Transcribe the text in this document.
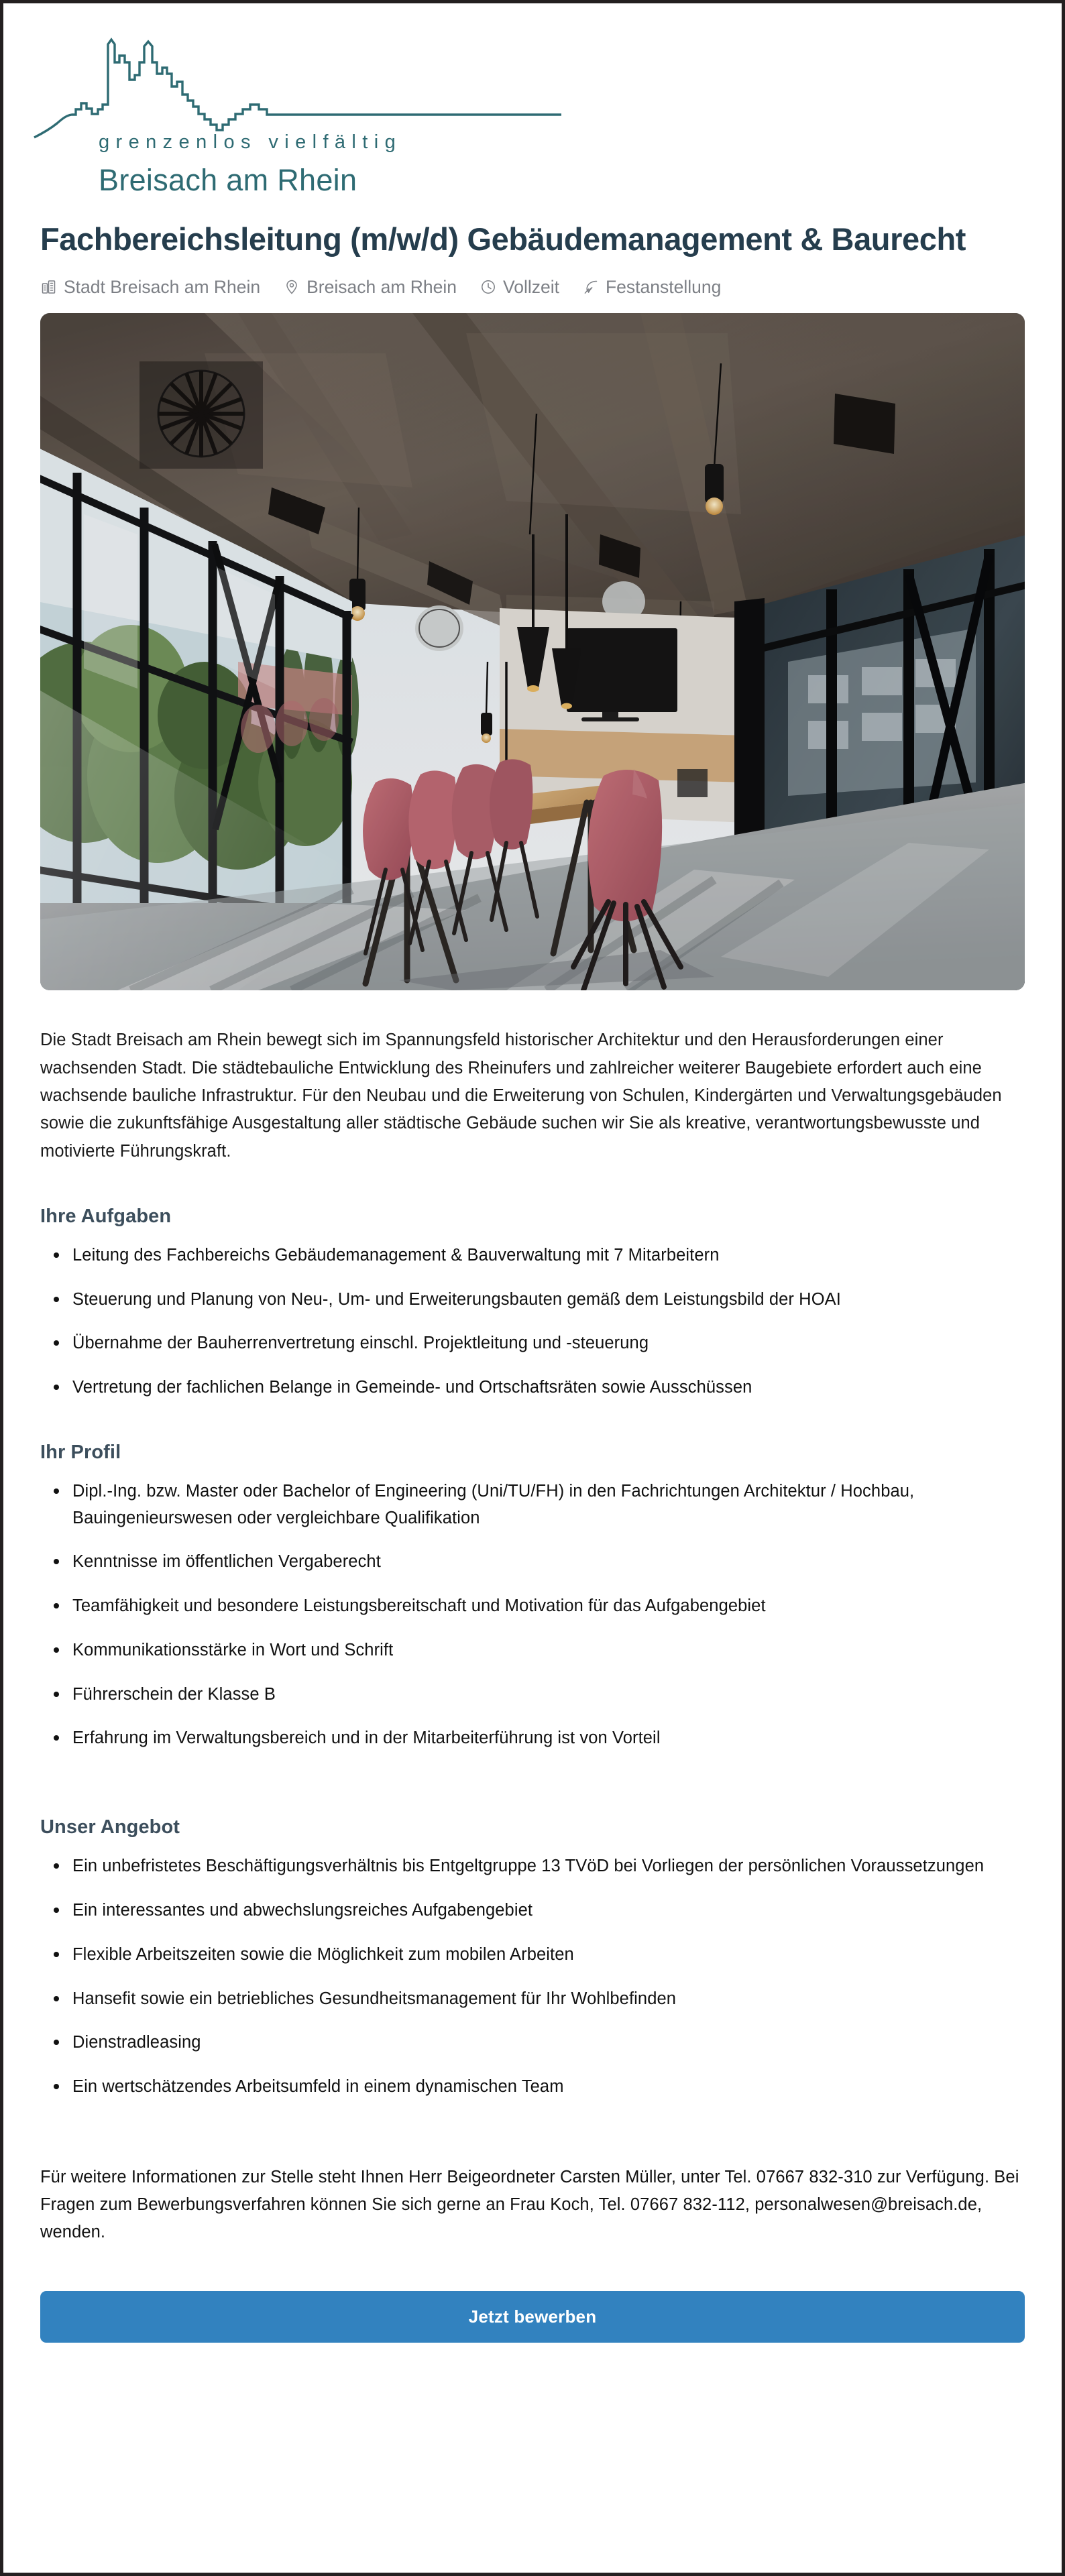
grenzenlos vielfältig
Breisach am Rhein
Fachbereichsleitung (m/w/d) Gebäudemanagement & Baurecht
Stadt Breisach am Rhein	Breisach am Rhein	Vollzeit	Festanstellung

Die Stadt Breisach am Rhein bewegt sich im Spannungsfeld historischer Architektur und den Herausforderungen einer wachsenden Stadt. Die städtebauliche Entwicklung des Rheinufers und zahlreicher weiterer Baugebiete erfordert auch eine wachsende bauliche Infrastruktur. Für den Neubau und die Erweiterung von Schulen, Kindergärten und Verwaltungsgebäuden sowie die zukunftsfähige Ausgestaltung aller städtische Gebäude suchen wir Sie als kreative, verantwortungsbewusste und motivierte Führungskraft.

Ihre Aufgaben
Leitung des Fachbereichs Gebäudemanagement & Bauverwaltung mit 7 Mitarbeitern
Steuerung und Planung von Neu-, Um- und Erweiterungsbauten gemäß dem Leistungsbild der HOAI
Übernahme der Bauherrenvertretung einschl. Projektleitung und -steuerung
Vertretung der fachlichen Belange in Gemeinde- und Ortschaftsräten sowie Ausschüssen
Ihr Profil
Dipl.-Ing. bzw. Master oder Bachelor of Engineering (Uni/TU/FH) in den Fachrichtungen Architektur / Hochbau, Bauingenieurswesen oder vergleichbare Qualifikation
Kenntnisse im öffentlichen Vergaberecht
Teamfähigkeit und besondere Leistungsbereitschaft und Motivation für das Aufgabengebiet
Kommunikationsstärke in Wort und Schrift
Führerschein der Klasse B
Erfahrung im Verwaltungsbereich und in der Mitarbeiterführung ist von Vorteil
Unser Angebot
Ein unbefristetes Beschäftigungsverhältnis bis Entgeltgruppe 13 TVöD bei Vorliegen der persönlichen Voraussetzungen
Ein interessantes und abwechslungsreiches Aufgabengebiet
Flexible Arbeitszeiten sowie die Möglichkeit zum mobilen Arbeiten
Hansefit sowie ein betriebliches Gesundheitsmanagement für Ihr Wohlbefinden
Dienstradleasing
Ein wertschätzendes Arbeitsumfeld in einem dynamischen Team

Für weitere Informationen zur Stelle steht Ihnen Herr Beigeordneter Carsten Müller, unter Tel. 07667 832-310 zur Verfügung. Bei Fragen zum Bewerbungsverfahren können Sie sich gerne an Frau Koch, Tel. 07667 832-112, personalwesen@breisach.de, wenden.

Jetzt bewerben
